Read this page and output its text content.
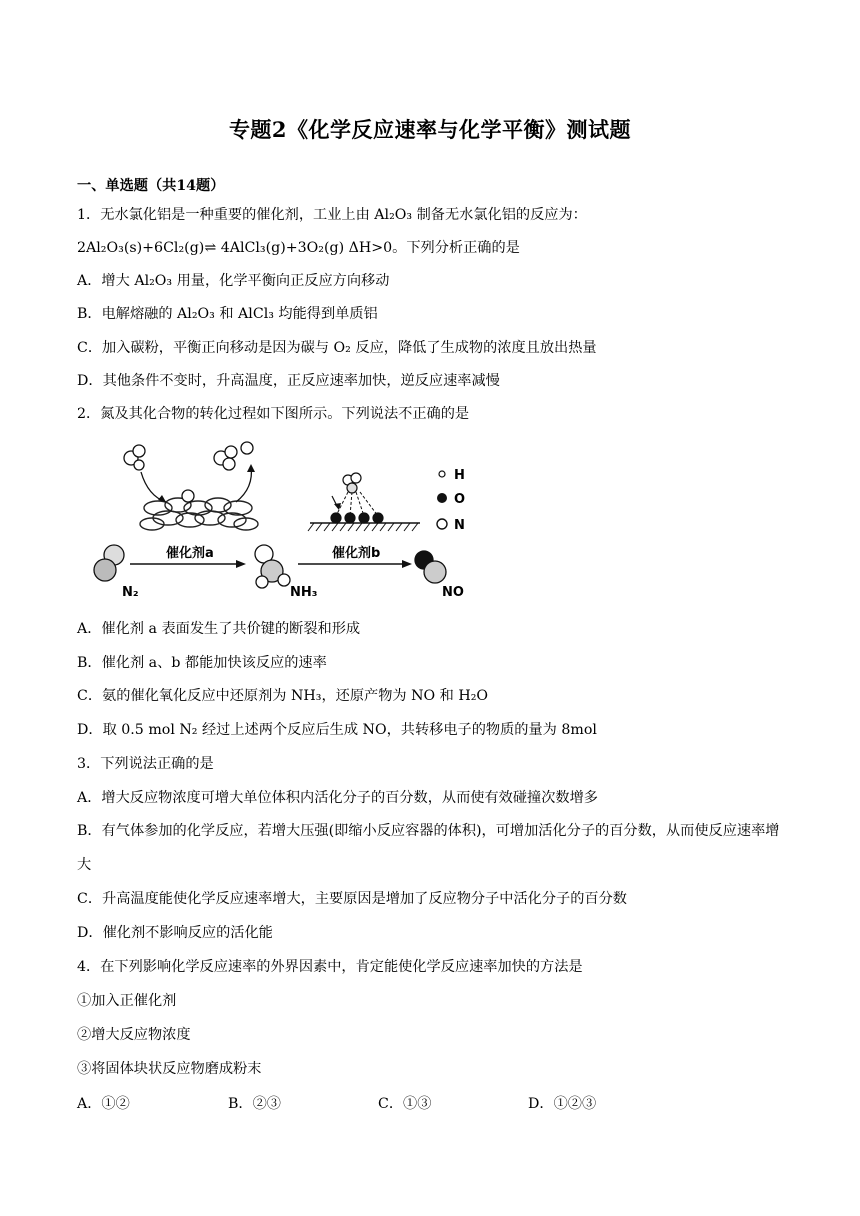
专题2《化学反应速率与化学平衡》测试题
一、单选题（共14题）
1．无水氯化铝是一种重要的催化剂，工业上由 Al₂O₃ 制备无水氯化铝的反应为：
2Al₂O₃(s)+6Cl₂(g)⇌ 4AlCl₃(g)+3O₂(g) ΔH>0。下列分析正确的是
A．增大 Al₂O₃ 用量，化学平衡向正反应方向移动
B．电解熔融的 Al₂O₃ 和 AlCl₃ 均能得到单质铝
C．加入碳粉，平衡正向移动是因为碳与 O₂ 反应，降低了生成物的浓度且放出热量
D．其他条件不变时，升高温度，正反应速率加快，逆反应速率减慢
2．氮及其化合物的转化过程如下图所示。下列说法不正确的是
N₂
催化剂a
NH₃
催化剂b
NO
H
O
N
A．催化剂 a 表面发生了共价键的断裂和形成
B．催化剂 a、b 都能加快该反应的速率
C．氨的催化氧化反应中还原剂为 NH₃，还原产物为 NO 和 H₂O
D．取 0.5 mol N₂ 经过上述两个反应后生成 NO，共转移电子的物质的量为 8mol
3．下列说法正确的是
A．增大反应物浓度可增大单位体积内活化分子的百分数，从而使有效碰撞次数增多
B．有气体参加的化学反应，若增大压强(即缩小反应容器的体积)，可增加活化分子的百分数，从而使反应速率增大
C．升高温度能使化学反应速率增大，主要原因是增加了反应物分子中活化分子的百分数
D．催化剂不影响反应的活化能
4．在下列影响化学反应速率的外界因素中，肯定能使化学反应速率加快的方法是
①加入正催化剂
②增大反应物浓度
③将固体块状反应物磨成粉末
A．①②	B．②③	C．①③	D．①②③
